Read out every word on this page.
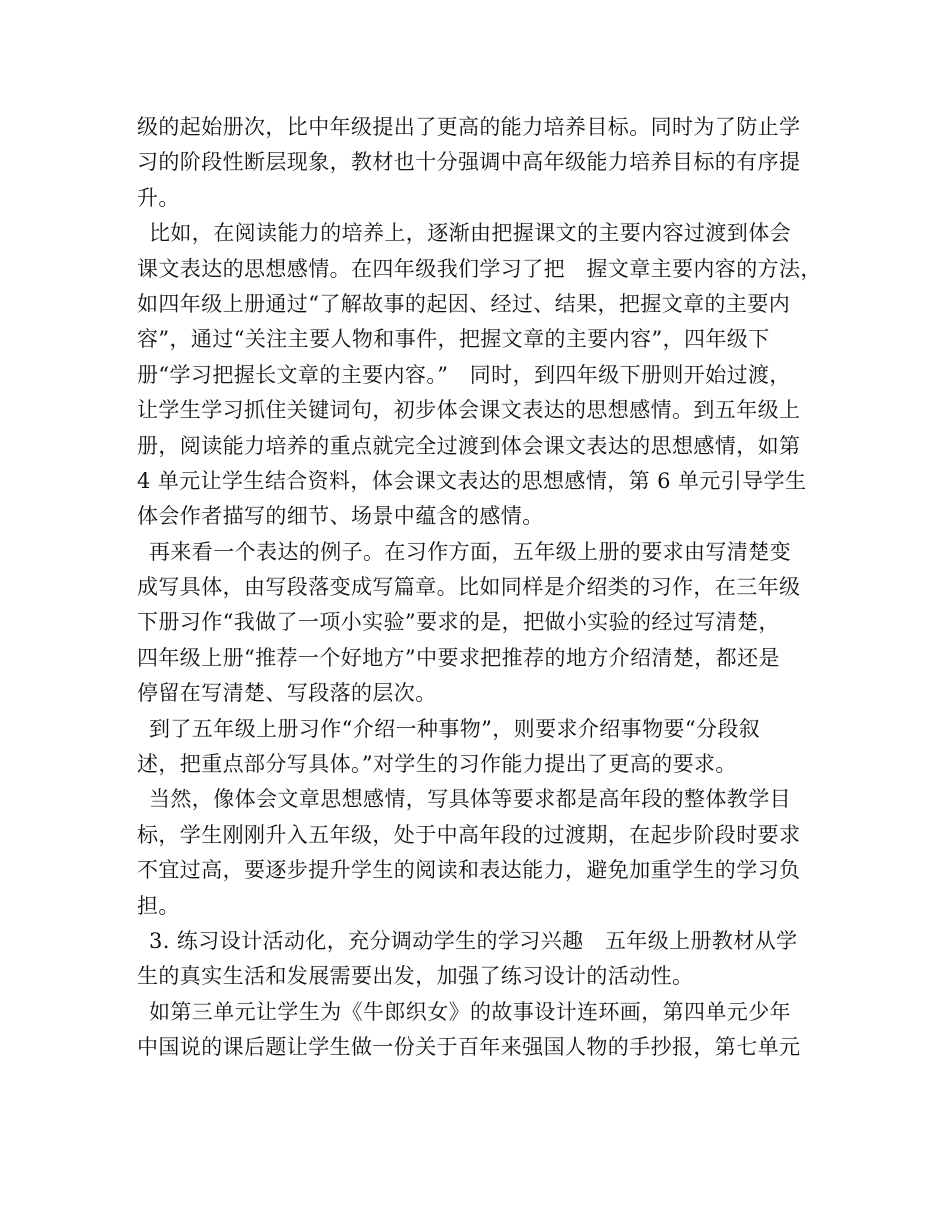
级的起始册次，比中年级提出了更高的能力培养目标。同时为了防止学
习的阶段性断层现象，教材也十分强调中高年级能力培养目标的有序提
升。
比如，在阅读能力的培养上，逐渐由把握课文的主要内容过渡到体会
课文表达的思想感情。在四年级我们学习了把　握文章主要内容的方法，
如四年级上册通过“了解故事的起因、经过、结果，把握文章的主要内
容”，通过“关注主要人物和事件，把握文章的主要内容”，四年级下
册“学习把握长文章的主要内容。”　同时，到四年级下册则开始过渡，
让学生学习抓住关键词句，初步体会课文表达的思想感情。到五年级上
册，阅读能力培养的重点就完全过渡到体会课文表达的思想感情，如第
4 单元让学生结合资料，体会课文表达的思想感情，第 6 单元引导学生
体会作者描写的细节、场景中蕴含的感情。
再来看一个表达的例子。在习作方面，五年级上册的要求由写清楚变
成写具体，由写段落变成写篇章。比如同样是介绍类的习作，在三年级
下册习作“我做了一项小实验”要求的是，把做小实验的经过写清楚，
四年级上册“推荐一个好地方”中要求把推荐的地方介绍清楚，都还是
停留在写清楚、写段落的层次。
到了五年级上册习作“介绍一种事物”，则要求介绍事物要“分段叙
述，把重点部分写具体。”对学生的习作能力提出了更高的要求。
当然，像体会文章思想感情，写具体等要求都是高年段的整体教学目
标，学生刚刚升入五年级，处于中高年段的过渡期，在起步阶段时要求
不宜过高，要逐步提升学生的阅读和表达能力，避免加重学生的学习负
担。
3. 练习设计活动化，充分调动学生的学习兴趣　五年级上册教材从学
生的真实生活和发展需要出发，加强了练习设计的活动性。
如第三单元让学生为《牛郎织女》的故事设计连环画，第四单元少年
中国说的课后题让学生做一份关于百年来强国人物的手抄报，第七单元
